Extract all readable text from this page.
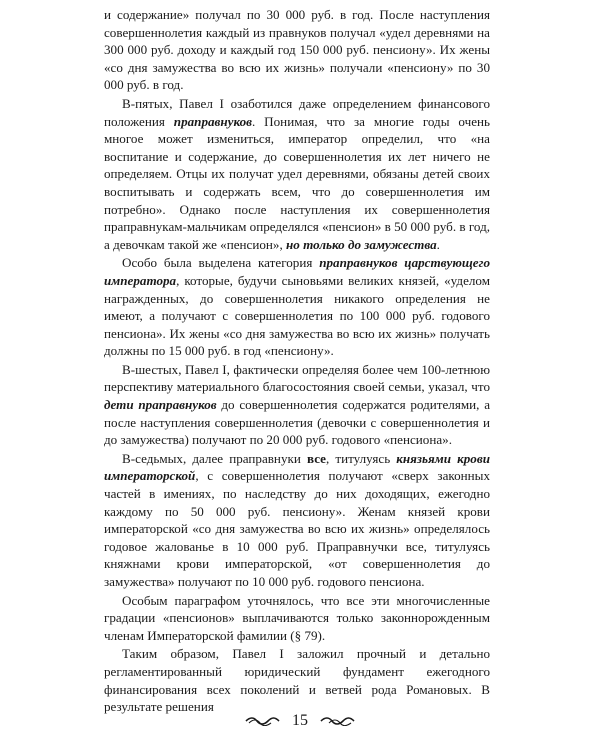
и содержание» получал по 30 000 руб. в год. После наступления совершеннолетия каждый из правнуков получал «удел деревнями на 300 000 руб. доходу и каждый год 150 000 руб. пенсиону». Их жены «со дня замужества во всю их жизнь» получали «пенсиону» по 30 000 руб. в год.

В-пятых, Павел I озаботился даже определением финансового положения праправнуков. Понимая, что за многие годы очень многое может измениться, император определил, что «на воспитание и содержание, до совершеннолетия их лет ничего не определяем. Отцы их получат удел деревнями, обязаны детей своих воспитывать и содержать всем, что до совершеннолетия им потребно». Однако после наступления их совершеннолетия праправнукам-мальчикам определялся «пенсион» в 50 000 руб. в год, а девочкам такой же «пенсион», но только до замужества.

Особо была выделена категория праправнуков царствующего императора, которые, будучи сыновьями великих князей, «уделом награжденных, до совершеннолетия никакого определения не имеют, а получают с совершеннолетия по 100 000 руб. годового пенсиона». Их жены «со дня замужества во всю их жизнь» получать должны по 15 000 руб. в год «пенсиону».

В-шестых, Павел I, фактически определяя более чем 100-летнюю перспективу материального благосостояния своей семьи, указал, что дети праправнуков до совершеннолетия содержатся родителями, а после наступления совершеннолетия (девочки с совершеннолетия и до замужества) получают по 20 000 руб. годового «пенсиона».

В-седьмых, далее праправнуки все, титулуясь князьями крови императорской, с совершеннолетия получают «сверх законных частей в имениях, по наследству до них доходящих, ежегодно каждому по 50 000 руб. пенсиону». Женам князей крови императорской «со дня замужества во всю их жизнь» определялось годовое жалованье в 10 000 руб. Праправнучки все, титулуясь княжнами крови императорской, «от совершеннолетия до замужества» получают по 10 000 руб. годового пенсиона.

Особым параграфом уточнялось, что все эти многочисленные градации «пенсионов» выплачиваются только законнорожденным членам Императорской фамилии (§ 79).

Таким образом, Павел I заложил прочный и детально регламентированный юридический фундамент ежегодного финансирования всех поколений и ветвей рода Романовых. В результате решения

15
